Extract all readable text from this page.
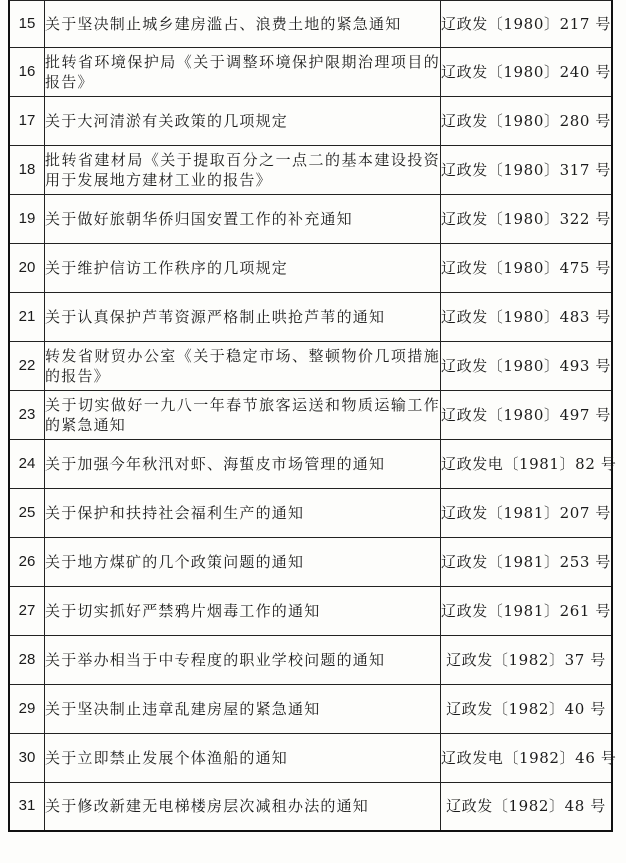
15	关于坚决制止城乡建房滥占、浪费土地的紧急通知	辽政发〔1980〕217 号
16	批转省环境保护局《关于调整环境保护限期治理项目的报告》	辽政发〔1980〕240 号
17	关于大河清淤有关政策的几项规定	辽政发〔1980〕280 号
18	批转省建材局《关于提取百分之一点二的基本建设投资用于发展地方建材工业的报告》	辽政发〔1980〕317 号
19	关于做好旅朝华侨归国安置工作的补充通知	辽政发〔1980〕322 号
20	关于维护信访工作秩序的几项规定	辽政发〔1980〕475 号
21	关于认真保护芦苇资源严格制止哄抢芦苇的通知	辽政发〔1980〕483 号
22	转发省财贸办公室《关于稳定市场、整顿物价几项措施的报告》	辽政发〔1980〕493 号
23	关于切实做好一九八一年春节旅客运送和物质运输工作的紧急通知	辽政发〔1980〕497 号
24	关于加强今年秋汛对虾、海蜇皮市场管理的通知	辽政发电〔1981〕82 号
25	关于保护和扶持社会福利生产的通知	辽政发〔1981〕207 号
26	关于地方煤矿的几个政策问题的通知	辽政发〔1981〕253 号
27	关于切实抓好严禁鸦片烟毒工作的通知	辽政发〔1981〕261 号
28	关于举办相当于中专程度的职业学校问题的通知	辽政发〔1982〕37 号
29	关于坚决制止违章乱建房屋的紧急通知	辽政发〔1982〕40 号
30	关于立即禁止发展个体渔船的通知	辽政发电〔1982〕46 号
31	关于修改新建无电梯楼房层次减租办法的通知	辽政发〔1982〕48 号
